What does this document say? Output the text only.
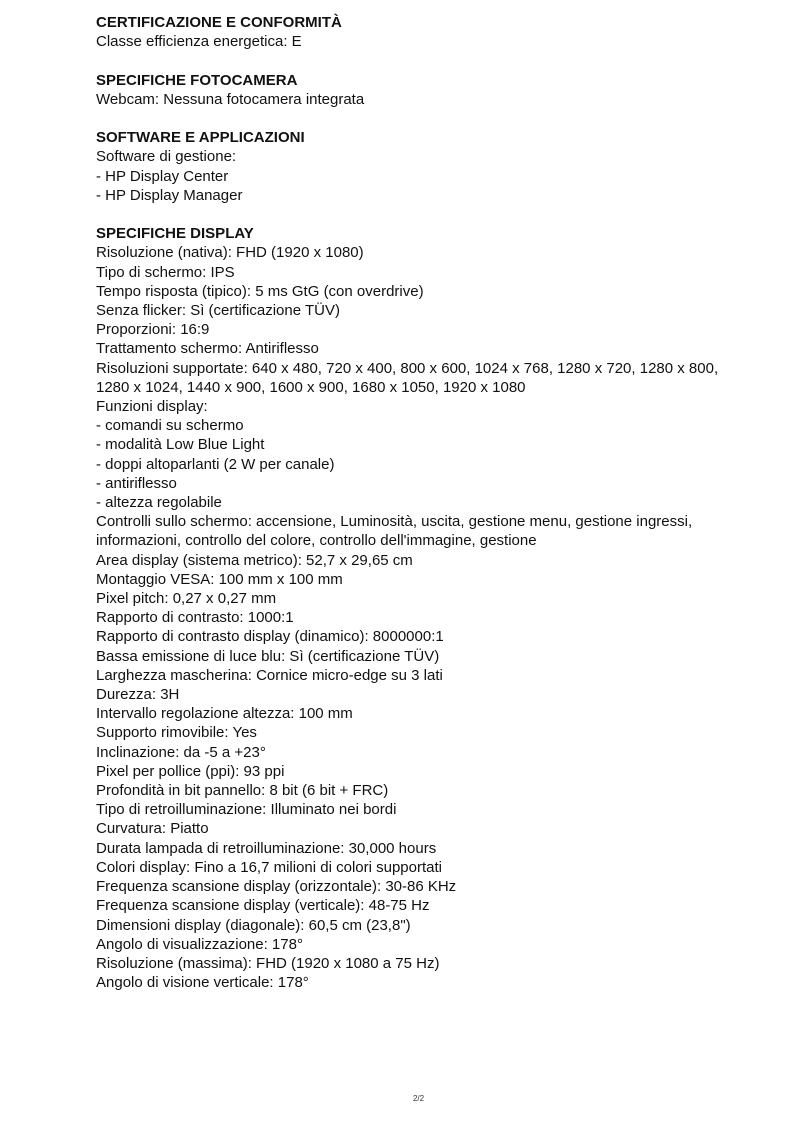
CERTIFICAZIONE E CONFORMITÀ
Classe efficienza energetica: E
SPECIFICHE FOTOCAMERA
Webcam: Nessuna fotocamera integrata
SOFTWARE E APPLICAZIONI
Software di gestione:
- HP Display Center
- HP Display Manager
SPECIFICHE DISPLAY
Risoluzione (nativa): FHD (1920 x 1080)
Tipo di schermo: IPS
Tempo risposta (tipico): 5 ms GtG (con overdrive)
Senza flicker: Sì (certificazione TÜV)
Proporzioni: 16:9
Trattamento schermo: Antiriflesso
Risoluzioni supportate: 640 x 480, 720 x 400, 800 x 600, 1024 x 768, 1280 x 720, 1280 x 800, 1280 x 1024, 1440 x 900, 1600 x 900, 1680 x 1050, 1920 x 1080
Funzioni display:
- comandi su schermo
- modalità Low Blue Light
- doppi altoparlanti (2 W per canale)
- antiriflesso
- altezza regolabile
Controlli sullo schermo: accensione, Luminosità, uscita, gestione menu, gestione ingressi, informazioni, controllo del colore, controllo dell'immagine, gestione
Area display (sistema metrico): 52,7 x 29,65 cm
Montaggio VESA: 100 mm x 100 mm
Pixel pitch: 0,27 x 0,27 mm
Rapporto di contrasto: 1000:1
Rapporto di contrasto display (dinamico): 8000000:1
Bassa emissione di luce blu: Sì (certificazione TÜV)
Larghezza mascherina: Cornice micro-edge su 3 lati
Durezza: 3H
Intervallo regolazione altezza: 100 mm
Supporto rimovibile: Yes
Inclinazione: da -5 a +23°
Pixel per pollice (ppi): 93 ppi
Profondità in bit pannello: 8 bit (6 bit + FRC)
Tipo di retroilluminazione: Illuminato nei bordi
Curvatura: Piatto
Durata lampada di retroilluminazione: 30,000 hours
Colori display: Fino a 16,7 milioni di colori supportati
Frequenza scansione display (orizzontale): 30-86 KHz
Frequenza scansione display (verticale): 48-75 Hz
Dimensioni display (diagonale): 60,5 cm (23,8")
Angolo di visualizzazione: 178°
Risoluzione (massima): FHD (1920 x 1080 a 75 Hz)
Angolo di visione verticale: 178°
2/2
